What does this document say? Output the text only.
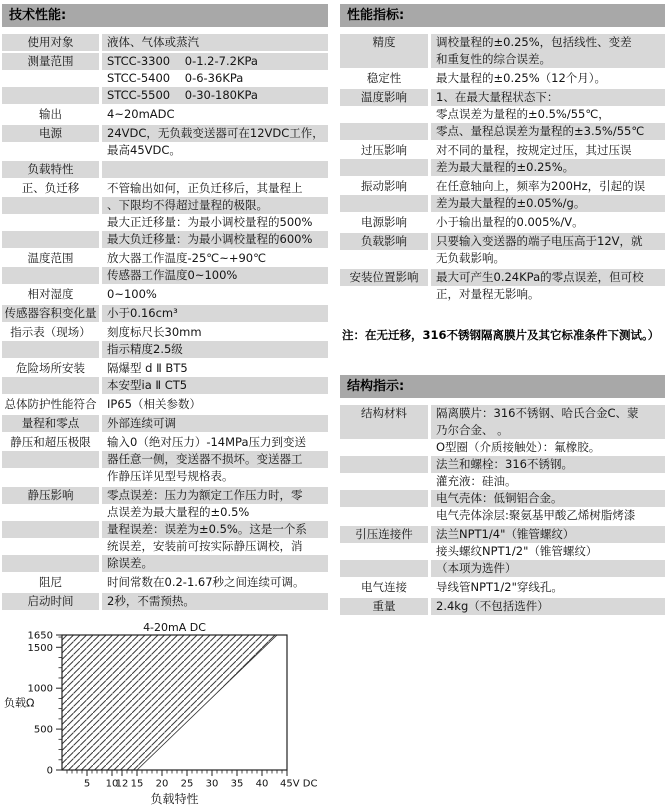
技术性能:
使用对象	液体、气体或蒸汽
测量范围	STCC-3300    0-1.2-7.2KPa
STCC-5400    0-6-36KPa
STCC-5500    0-30-180KPa
输出	4~20mADC
电源	24VDC，无负载变送器可在12VDC工作，
最高45VDC。
负载特性
正、负迁移	不管输出如何，正负迁移后，其量程上
、下限均不得超过量程的极限。
最大正迁移量：为最小调校量程的500%
最大负迁移量：为最小调校量程的600%
温度范围	放大器工作温度-25℃~+90℃
传感器工作温度0~100%
相对湿度	0~100%
传感器容积变化量 小于0.16cm³
指示表（现场）	刻度标尺长30mm
指示精度2.5级
危险场所安装	隔爆型 d Ⅱ BT5
本安型ia Ⅱ CT5
总体防护性能符合 IP65（相关参数）
量程和零点	外部连续可调
静压和超压极限	输入0（绝对压力）-14MPa压力到变送
器任意一侧，变送器不损坏。变送器工
作静压详见型号规格表。
静压影响	零点误差：压力为额定工作压力时，零
点误差为最大量程的±0.5%
量程误差：误差为±0.5%。这是一个系
统误差，安装前可按实际静压调校，消
除误差。
阻尼	时间常数在0.2-1.67秒之间连续可调。
启动时间	2秒，不需预热。
0
500
1000
1500
1650
5 10
12 15 20 25 30 35 40 45V DC
4-20mA DC
负载Ω
负载特性
性能指标:
精度	调校量程的±0.25%，包括线性、变差
和重复性的综合误差。
稳定性	最大量程的±0.25%（12个月）。
温度影响	1、在最大量程状态下：
零点误差为量程的±0.5%/55℃，
零点、量程总误差为量程的±3.5%/55℃
过压影响	对不同的量程，按规定过压，其过压误
差为最大量程的±0.25%。
振动影响	在任意轴向上，频率为200Hz，引起的误
差为最大量程的±0.05%/g。
电源影响	小于输出量程的0.005%/V。
负载影响	只要输入变送器的端子电压高于12V，就
无负载影响。
安装位置影响	最大可产生0.24KPa的零点误差，但可校
正，对量程无影响。
注：在无迁移，316不锈钢隔离膜片及其它标准条件下测试。）
结构指示:
结构材料	隔离膜片：316不锈钢、哈氏合金C、蒙
乃尔合金、 。
O型圈（介质接触处）：氟橡胶。
法兰和螺栓：316不锈钢。
灌充液：硅油。
电气壳体：低铜铝合金。
电气壳体涂层:聚氨基甲酸乙烯树脂烤漆
引压连接件	法兰NPT1/4"（锥管螺纹）
接头螺纹NPT1/2"（锥管螺纹）
（本项为选件）
电气连接	导线管NPT1/2"穿线孔。
重量	2.4kg（不包括选件）
